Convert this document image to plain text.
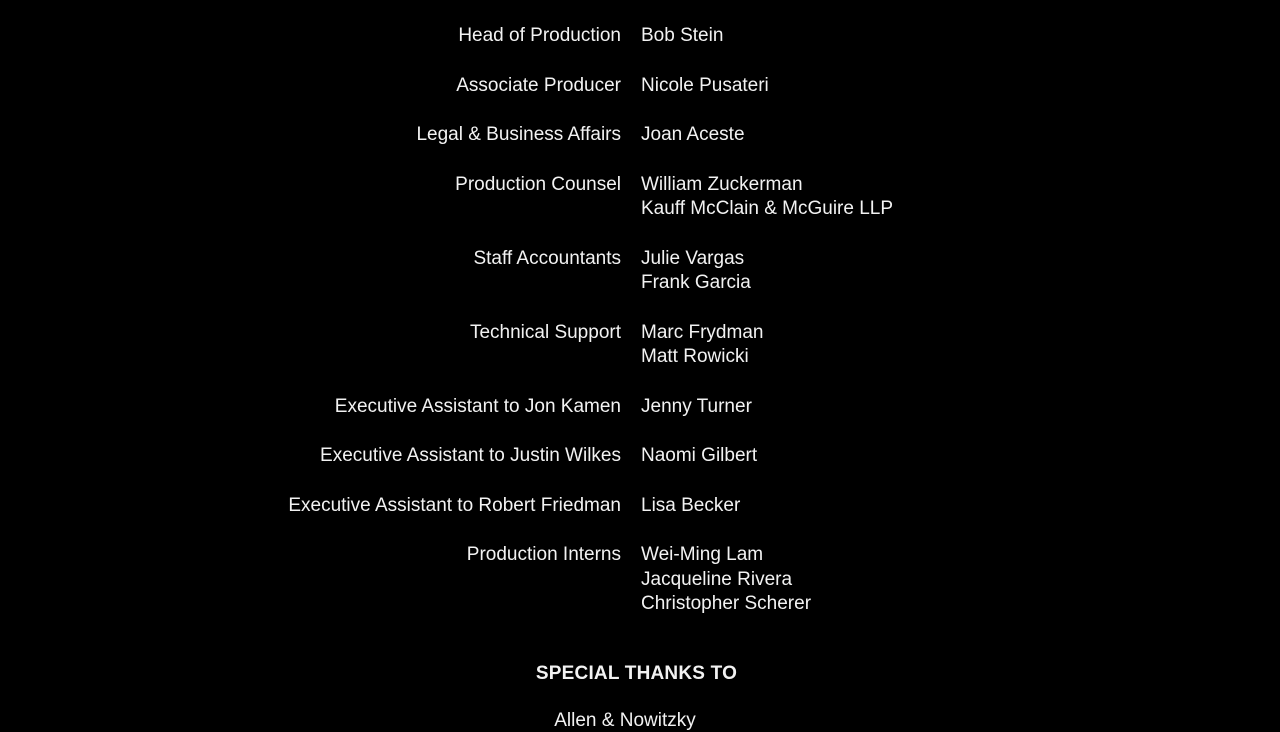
Head of Production	Bob Stein
Associate Producer	Nicole Pusateri
Legal & Business Affairs	Joan Aceste
Production Counsel	William Zuckerman
Kauff McClain & McGuire LLP
Staff Accountants	Julie Vargas
Frank Garcia
Technical Support	Marc Frydman
Matt Rowicki
Executive Assistant to Jon Kamen	Jenny Turner
Executive Assistant to Justin Wilkes	Naomi Gilbert
Executive Assistant to Robert Friedman	Lisa Becker
Production Interns	Wei-Ming Lam
Jacqueline Rivera
Christopher Scherer
SPECIAL THANKS TO
Allen & Nowitzky
